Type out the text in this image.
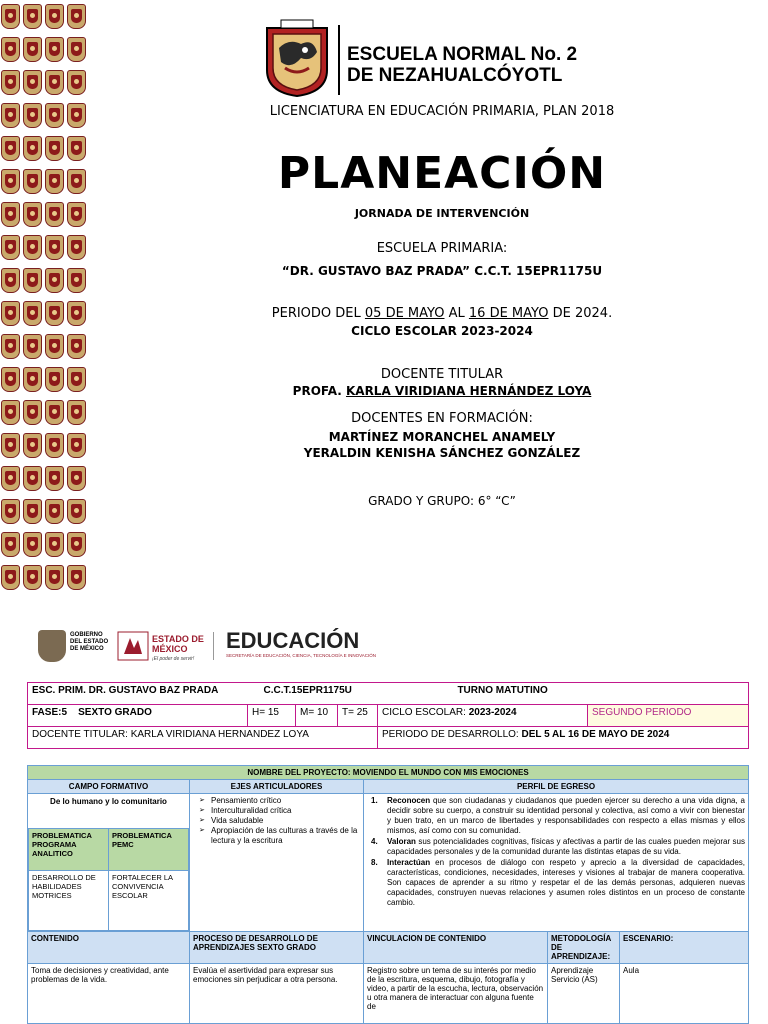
ESCUELA NORMAL No. 2
DE NEZAHUALCÓYOTL
LICENCIATURA EN EDUCACIÓN PRIMARIA, PLAN 2018
PLANEACIÓN
JORNADA DE INTERVENCIÓN
ESCUELA PRIMARIA:
“DR. GUSTAVO BAZ PRADA” C.C.T. 15EPR1175U
PERIODO DEL 05 DE MAYO AL 16 DE MAYO DE 2024.
CICLO ESCOLAR 2023-2024
DOCENTE TITULAR
PROFA. KARLA VIRIDIANA HERNÁNDEZ LOYA
DOCENTES EN FORMACIÓN:
MARTÍNEZ MORANCHEL ANAMELY
YERALDIN KENISHA SÁNCHEZ GONZÁLEZ
GRADO Y GRUPO: 6° “C”
GOBIERNO DEL ESTADO DE MÉXICO
ESTADO DE MÉXICO
¡El poder de servir!
EDUCACIÓN
SECRETARÍA DE EDUCACIÓN, CIENCIA, TECNOLOGÍA E INNOVACIÓN
ESC. PRIM. DR. GUSTAVO BAZ PRADA C.C.T.15EPR1175U TURNO MATUTINO					
FASE:5 SEXTO GRADO	H= 15	M= 10	T= 25	CICLO ESCOLAR: 2023-2024	SEGUNDO PERIODO
DOCENTE TITULAR: KARLA VIRIDIANA HERNANDEZ LOYA				PERIODO DE DESARROLLO: DEL 5 AL 16 DE MAYO DE 2024	
NOMBRE DEL PROYECTO: MOVIENDO EL MUNDO CON MIS EMOCIONES
CAMPO FORMATIVO	EJES ARTICULADORES	PERFIL DE EGRESO

De lo humano y lo comunitario
PROBLEMATICA PROGRAMA ANALITICO	PROBLEMATICA PEMC
DESARROLLO DE HABILIDADES MOTRICES	FORTALECER LA CONVIVENCIA ESCOLAR

➢ Pensamiento crítico
➢ Interculturalidad crítica
➢ Vida saludable
➢ Apropiación de las culturas a través de la lectura y la escritura

1. Reconocen que son ciudadanas y ciudadanos que pueden ejercer su derecho a una vida digna, a decidir sobre su cuerpo, a construir su identidad personal y colectiva, así como a vivir con bienestar y buen trato, en un marco de libertades y responsabilidades con respecto a ellas mismas y ellos mismos, así como con su comunidad.
4. Valoran sus potencialidades cognitivas, físicas y afectivas a partir de las cuales pueden mejorar sus capacidades personales y de la comunidad durante las distintas etapas de su vida.
8. Interactúan en procesos de diálogo con respeto y aprecio a la diversidad de capacidades, características, condiciones, necesidades, intereses y visiones al trabajar de manera cooperativa. Son capaces de aprender a su ritmo y respetar el de las demás personas, adquieren nuevas capacidades, construyen nuevas relaciones y asumen roles distintos en un proceso de constante cambio.

CONTENIDO	PROCESO DE DESARROLLO DE APRENDIZAJES SEXTO GRADO	VINCULACION DE CONTENIDO	METODOLOGÍA DE APRENDIZAJE:	ESCENARIO:
Toma de decisiones y creatividad, ante problemas de la vida.	Evalúa el asertividad para expresar sus emociones sin perjudicar a otra persona.	Registro sobre un tema de su interés por medio de la escritura, esquema, dibujo, fotografía y video, a partir de la escucha, lectura, observación u otra manera de interactuar con alguna fuente de	Aprendizaje Servicio (AS)	Aula
